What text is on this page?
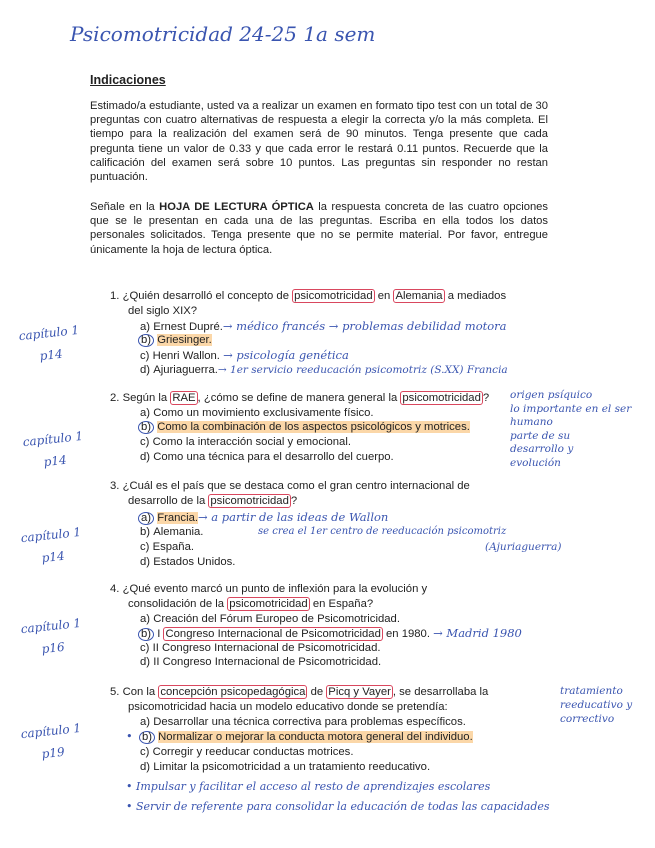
Psicomotricidad 24-25 1a sem
Indicaciones
Estimado/a estudiante, usted va a realizar un examen en formato tipo test con un total de 30 preguntas con cuatro alternativas de respuesta a elegir la correcta y/o la más completa. El tiempo para la realización del examen será de 90 minutos. Tenga presente que cada pregunta tiene un valor de 0.33 y que cada error le restará 0.11 puntos. Recuerde que la calificación del examen será sobre 10 puntos. Las preguntas sin responder no restan puntuación.
Señale en la HOJA DE LECTURA ÓPTICA la respuesta concreta de las cuatro opciones que se le presentan en cada una de las preguntas. Escriba en ella todos los datos personales solicitados. Tenga presente que no se permite material. Por favor, entregue únicamente la hoja de lectura óptica.
capítulo 1
p14
1. ¿Quién desarrolló el concepto de psicomotricidad en Alemania a mediados
del siglo XIX?
a) Ernest Dupré.→ médico francés → problemas debilidad motora
b) Griesinger.
c) Henri Wallon. → psicología genética
d) Ajuriaguerra.→ 1er servicio reeducación psicomotriz (S.XX) Francia
capítulo 1
p14
2. Según la RAE , ¿cómo se define de manera general la psicomotricidad ? origen psíquico
lo importante en el ser humano
parte de su
desarrollo y
evolución
a) Como un movimiento exclusivamente físico.
b) Como la combinación de los aspectos psicológicos y motrices.
c) Como la interacción social y emocional.
d) Como una técnica para el desarrollo del cuerpo.
capítulo 1
p14
3. ¿Cuál es el país que se destaca como el gran centro internacional de
desarrollo de la psicomotricidad ?
a) Francia.→ a partir de las ideas de Wallon
b) Alemania.	se crea el 1er centro de reeducación psicomotriz
c) España.	(Ajuriaguerra)
d) Estados Unidos.
capítulo 1
p16
4. ¿Qué evento marcó un punto de inflexión para la evolución y
consolidación de la psicomotricidad en España?
a) Creación del Fórum Europeo de Psicomotricidad.
b) I Congreso Internacional de Psicomotricidad en 1980. → Madrid 1980
c) II Congreso Internacional de Psicomotricidad.
d) II Congreso Internacional de Psicomotricidad.
capítulo 1
p19
5. Con la concepción psicopedagógica de Picq y Vayer , se desarrollaba la
psicomotricidad hacia un modelo educativo donde se pretendía:
tratamiento
reeducativo y
correctivo
a) Desarrollar una técnica correctiva para problemas específicos.
• b) Normalizar o mejorar la conducta motora general del individuo.
c) Corregir y reeducar conductas motrices.
d) Limitar la psicomotricidad a un tratamiento reeducativo.
• Impulsar y facilitar el acceso al resto de aprendizajes escolares
• Servir de referente para consolidar la educación de todas las capacidades
